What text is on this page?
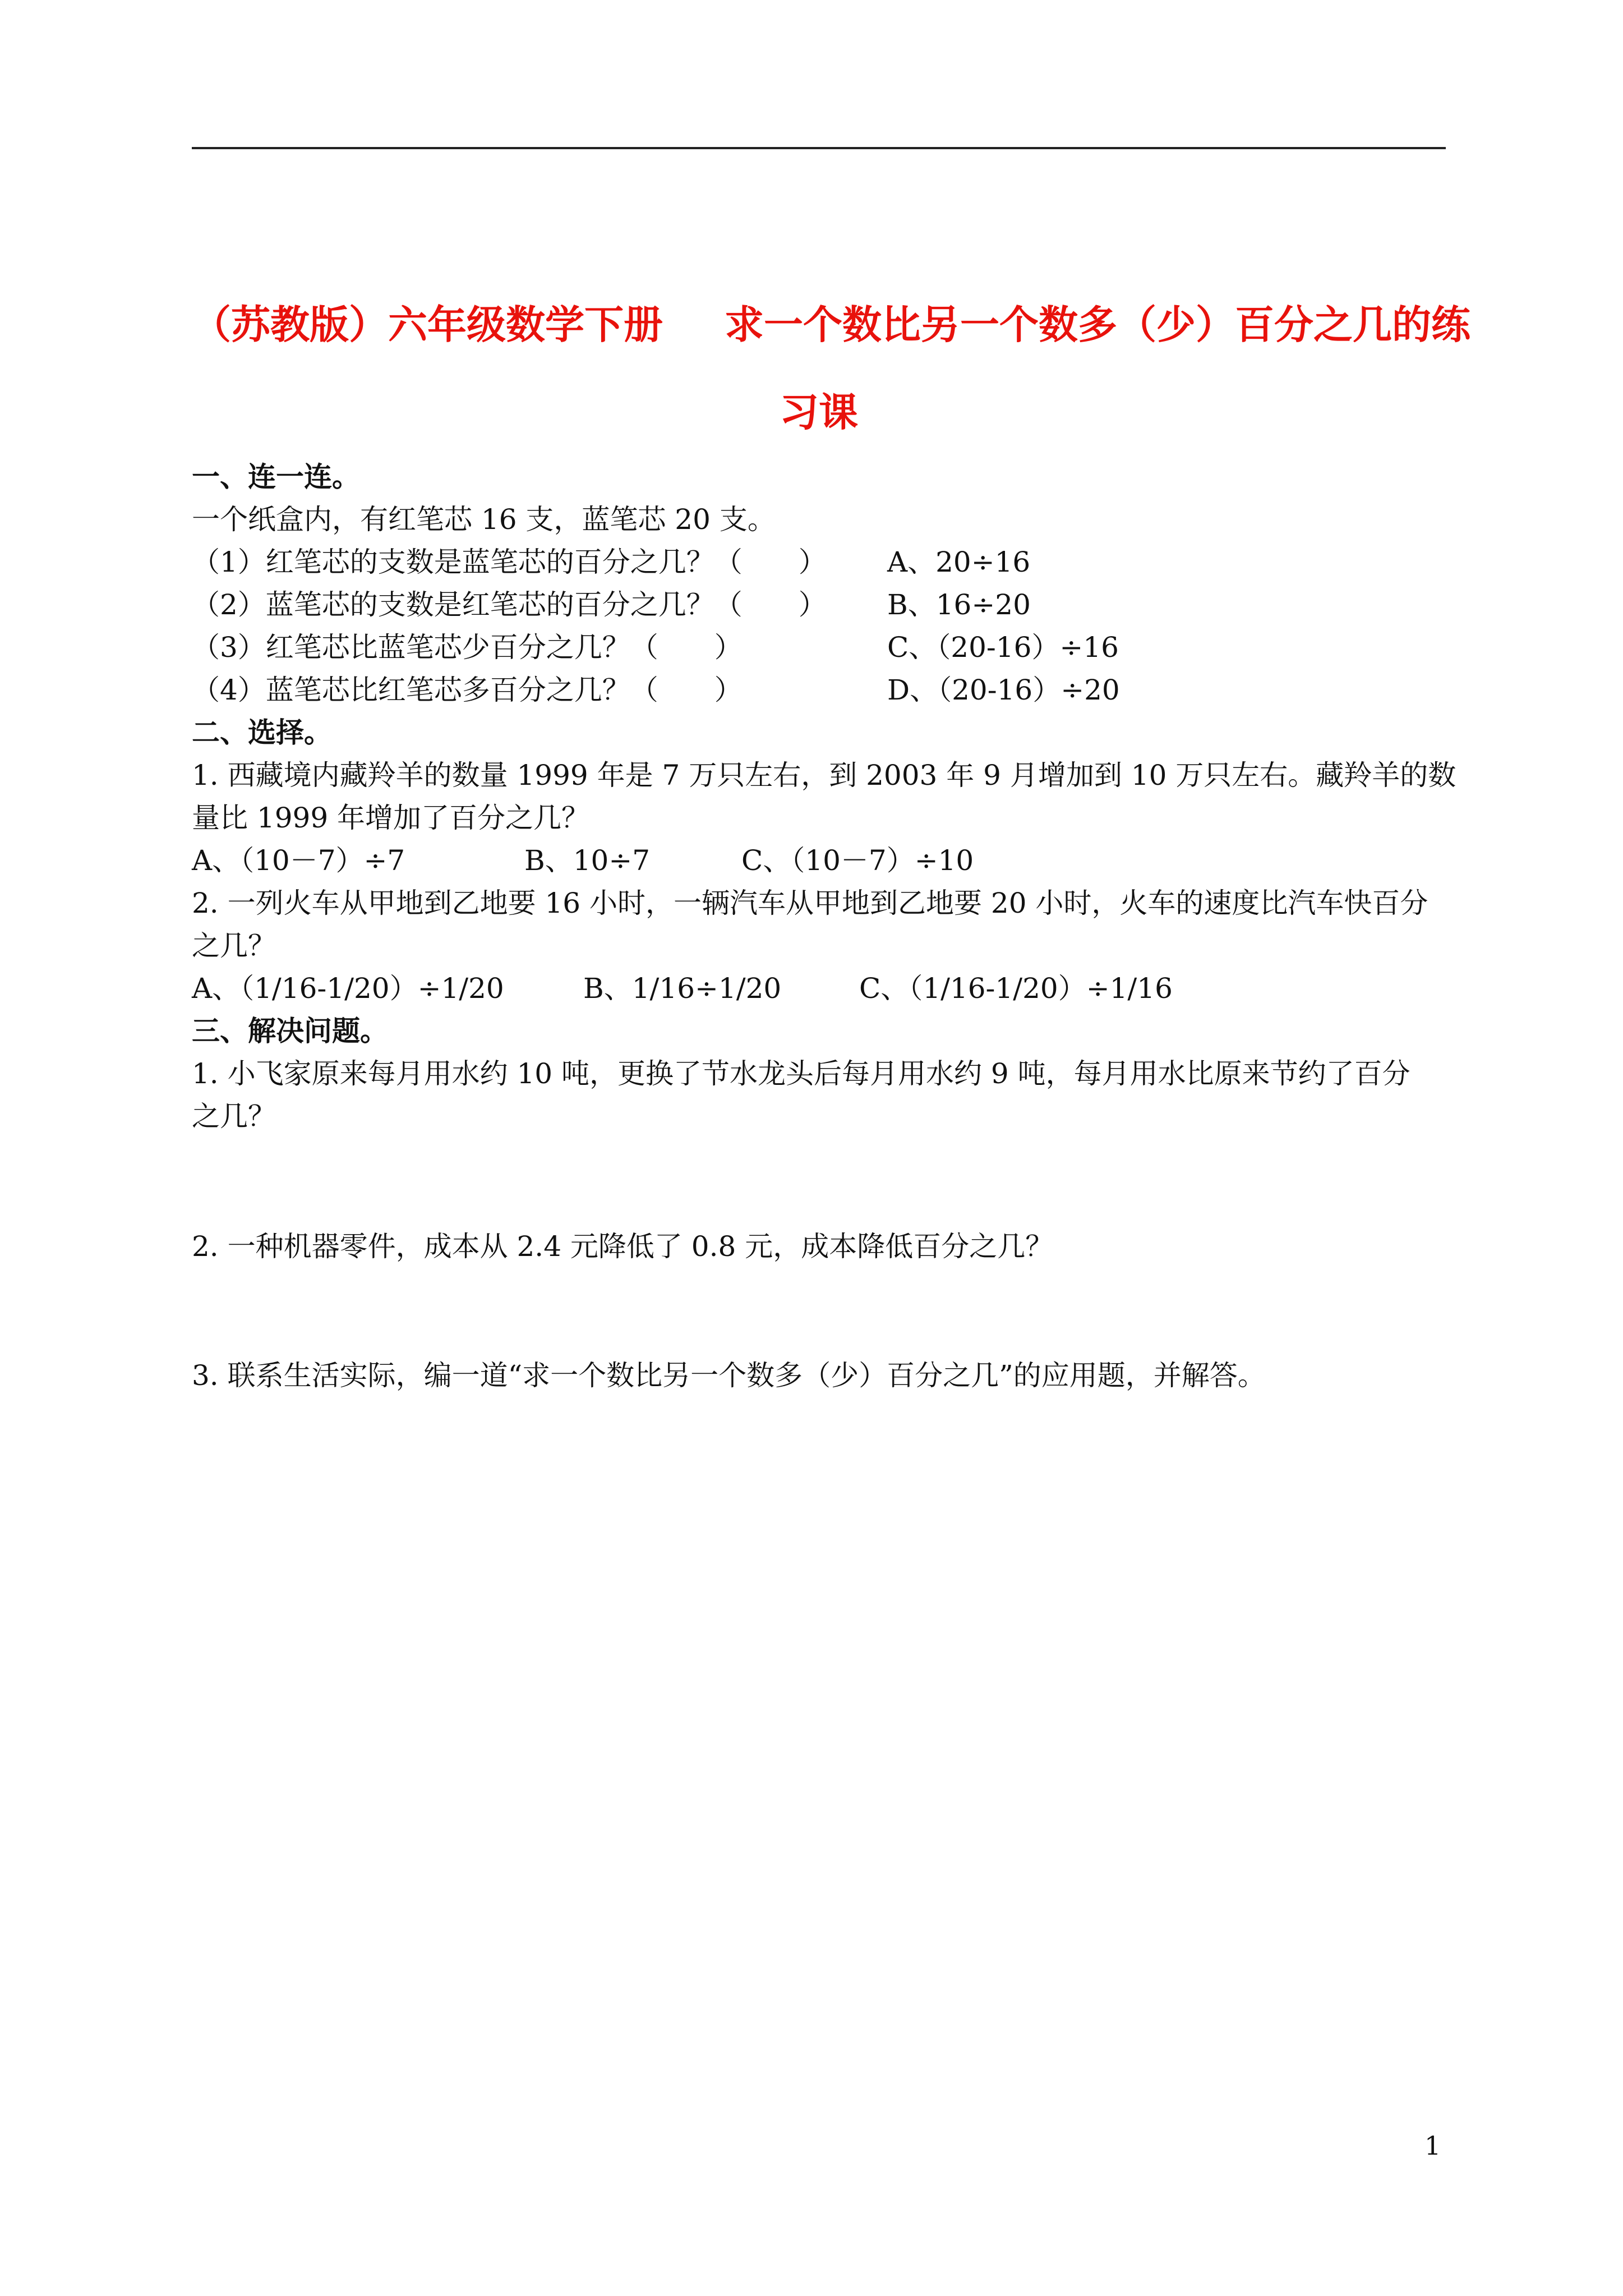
（苏教版）六年级数学下册 求一个数比另一个数多（少）百分之几的练
习课
一、连一连。
一个纸盒内，有红笔芯 16 支，蓝笔芯 20 支。
（1）红笔芯的支数是蓝笔芯的百分之几？（　　） A、20÷16
（2）蓝笔芯的支数是红笔芯的百分之几？（　　） B、16÷20
（3）红笔芯比蓝笔芯少百分之几？（　　）	C、（20-16）÷16
（4）蓝笔芯比红笔芯多百分之几？（　　）	D、（20-16）÷20
二、选择。
1. 西藏境内藏羚羊的数量 1999 年是 7 万只左右，到 2003 年 9 月增加到 10 万只左右。藏羚羊的数
量比 1999 年增加了百分之几？
A、（10－7）÷7	B、10÷7	C、（10－7）÷10
2. 一列火车从甲地到乙地要 16 小时，一辆汽车从甲地到乙地要 20 小时，火车的速度比汽车快百分
之几？
A、（1/16-1/20）÷1/20	B、1/16÷1/20	C、（1/16-1/20）÷1/16
三、解决问题。
1. 小飞家原来每月用水约 10 吨，更换了节水龙头后每月用水约 9 吨，每月用水比原来节约了百分
之几？
2. 一种机器零件，成本从 2.4 元降低了 0.8 元，成本降低百分之几？
3. 联系生活实际，编一道“求一个数比另一个数多（少）百分之几”的应用题，并解答。
1
